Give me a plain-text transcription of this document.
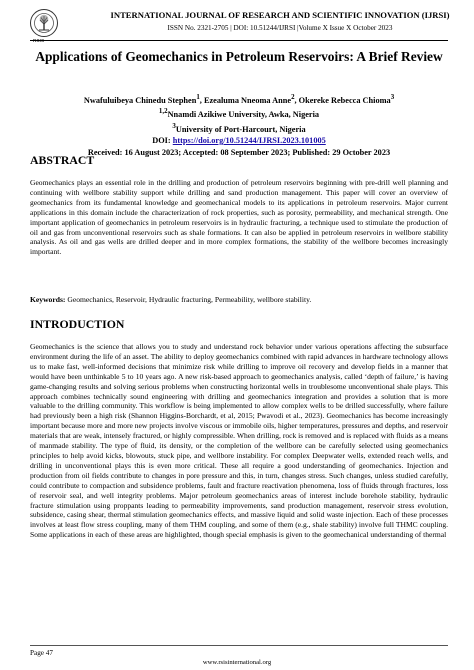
RSIS
INTERNATIONAL JOURNAL OF RESEARCH AND SCIENTIFIC INNOVATION (IJRSI)
ISSN No. 2321-2705 | DOI: 10.51244/IJRSI |Volume X Issue X October 2023
Applications of Geomechanics in Petroleum Reservoirs: A Brief Review
Nwafuluibeya Chinedu Stephen$^1$, Ezealuma Nneoma Anne$^2$, Okereke Rebecca Chioma$^3$
$^{1,2}$Nnamdi Azikiwe University, Awka, Nigeria
$^3$University of Port-Harcourt, Nigeria
DOI: https://doi.org/10.51244/IJRSI.2023.101005
Received: 16 August 2023; Accepted: 08 September 2023; Published: 29 October 2023
ABSTRACT

Geomechanics plays an essential role in the drilling and production of petroleum reservoirs beginning with pre-drill well planning and continuing with wellbore stability support while drilling and sand production management. This paper will cover an overview of geomechanics from its fundamental knowledge and geomechanical models to its applications in petroleum reservoirs. Major current applications in this domain include the characterization of rock properties, such as porosity, permeability, and mechanical strength. One important application of geomechanics in petroleum reservoirs is in hydraulic fracturing, a technique used to stimulate the production of oil and gas from unconventional reservoirs such as shale formations. It can also be applied in petroleum reservoirs in wellbore stability analysis. As oil and gas wells are drilled deeper and in more complex formations, the stability of the wellbore becomes increasingly important.

Keywords: Geomechanics, Reservoir, Hydraulic fracturing, Permeability, wellbore stability.

INTRODUCTION

Geomechanics is the science that allows you to study and understand rock behavior under various operations affecting the subsurface environment during the life of an asset. The ability to deploy geomechanics combined with rapid advances in hardware technology allows us to make fast, well-informed decisions that minimize risk while drilling to improve oil recovery and develop fields in a manner that would have been unthinkable 5 to 10 years ago. A new risk-based approach to geomechanics analysis, called ‘depth of failure,’ is having game-changing results and solving serious problems when constructing horizontal wells in troublesome unconventional shale plays. This approach combines technically sound engineering with drilling and geomechanics integration and provides a solution that is more valuable to the drilling community. This workflow is being implemented to allow complex wells to be drilled successfully, where failure had previously been a high risk (Shannon Higgins-Borchardt, et al, 2015; Pwavodi et al., 2023). Geomechanics has become increasingly important because more and more new projects involve viscous or immobile oils, higher temperatures, pressures and depths, and reservoir materials that are weak, intensely fractured, or highly compressible. When drilling, rock is removed and is replaced with fluids as a means of manmade stability. The type of fluid, its density, or the completion of the wellbore can be carefully selected using geomechanics principles to help avoid kicks, blowouts, stuck pipe, and wellbore instability. For complex Deepwater wells, extended reach wells, and drilling in unconventional plays this is even more critical. These all require a good understanding of geomechanics. Injection and production from oil fields contribute to changes in pore pressure and this, in turn, changes stress. Such changes, unless studied carefully, could contribute to compaction and subsidence problems, fault and fracture reactivation phenomena, loss of fluids through fractures, loss of reservoir seal, and well integrity problems. Major petroleum geomechanics areas of interest include borehole stability, hydraulic fracture stimulation using proppants leading to permeability improvements, sand production management, reservoir stress evolution, subsidence, casing shear, thermal stimulation geomechanics effects, and massive liquid and solid waste injection. Each of these processes involves at least flow stress coupling, many of them THM coupling, and some of them (e.g., shale stability) involve full THMC coupling. Some applications in each of these areas are highlighted, though special emphasis is given to the geomechanical understanding of thermal

Page 47
www.rsisinternational.org
